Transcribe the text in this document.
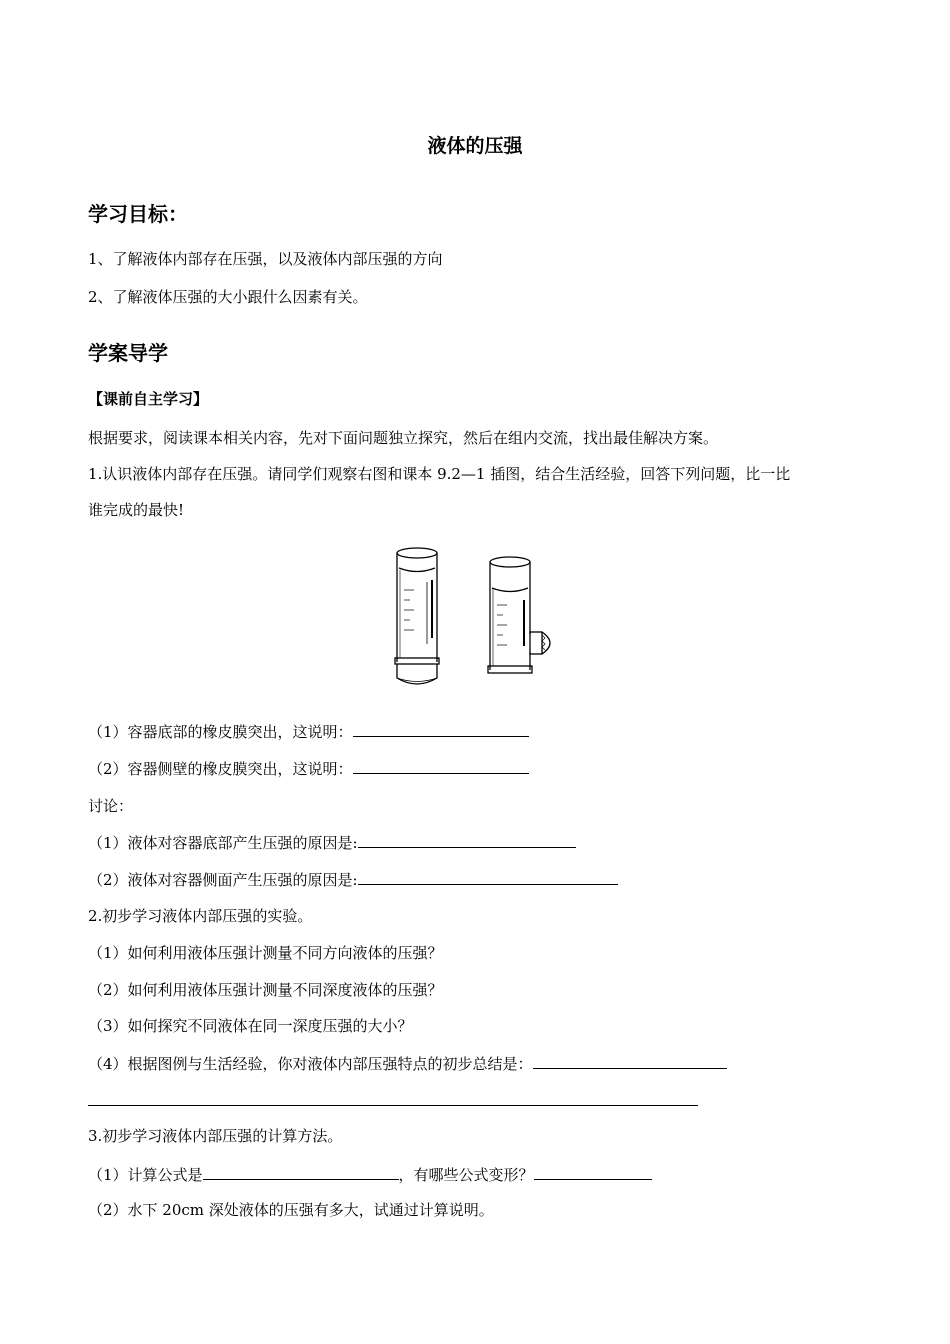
液体的压强
学习目标：
1、了解液体内部存在压强，以及液体内部压强的方向
2、了解液体压强的大小跟什么因素有关。
学案导学
【课前自主学习】
根据要求，阅读课本相关内容，先对下面问题独立探究，然后在组内交流，找出最佳解决方案。
1.认识液体内部存在压强。请同学们观察右图和课本 9.2—1 插图，结合生活经验，回答下列问题，比一比
谁完成的最快!
（1）容器底部的橡皮膜突出，这说明：
（2）容器侧壁的橡皮膜突出，这说明：
讨论：
（1）液体对容器底部产生压强的原因是:
（2）液体对容器侧面产生压强的原因是:
2.初步学习液体内部压强的实验。
（1）如何利用液体压强计测量不同方向液体的压强？
（2）如何利用液体压强计测量不同深度液体的压强？
（3）如何探究不同液体在同一深度压强的大小？
（4）根据图例与生活经验，你对液体内部压强特点的初步总结是：
3.初步学习液体内部压强的计算方法。
（1）计算公式是	，有哪些公式变形？
（2）水下 20cm 深处液体的压强有多大，试通过计算说明。
